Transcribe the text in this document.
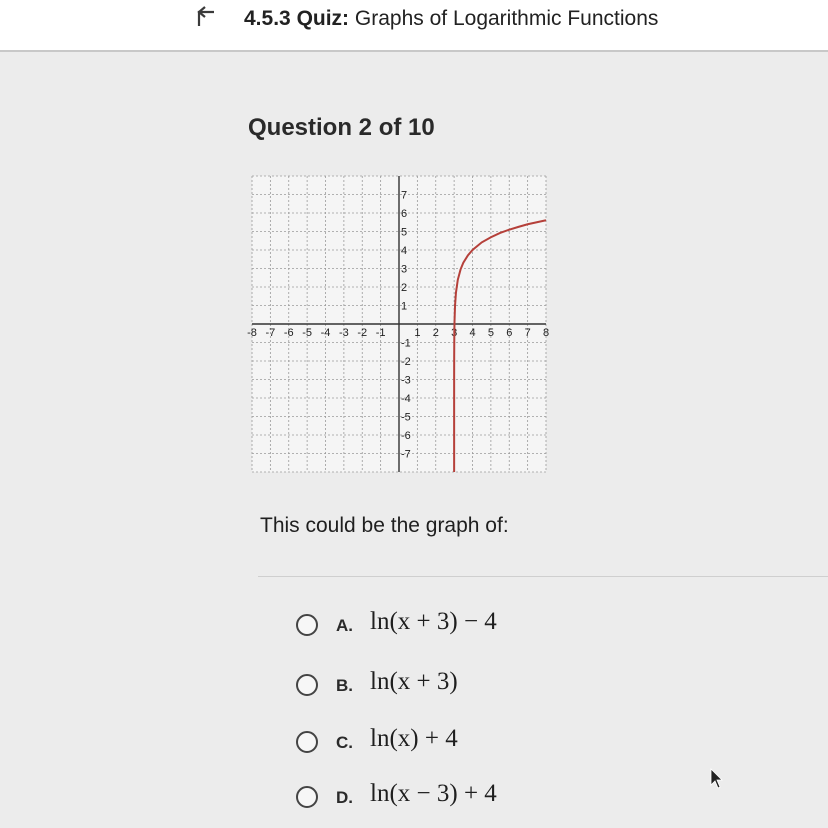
4.5.3 Quiz: Graphs of Logarithmic Functions
Question 2 of 10
-8 -7 -6 -5 -4 -3 -2 -1	1 2 3 4 5 6 7 8
7
6
5
4
3
2
1
-1
-2
-3
-4
-5
-6
-7
This could be the graph of:
A. ln(x + 3) − 4
B. ln(x + 3)
C. ln(x) + 4
D. ln(x − 3) + 4
